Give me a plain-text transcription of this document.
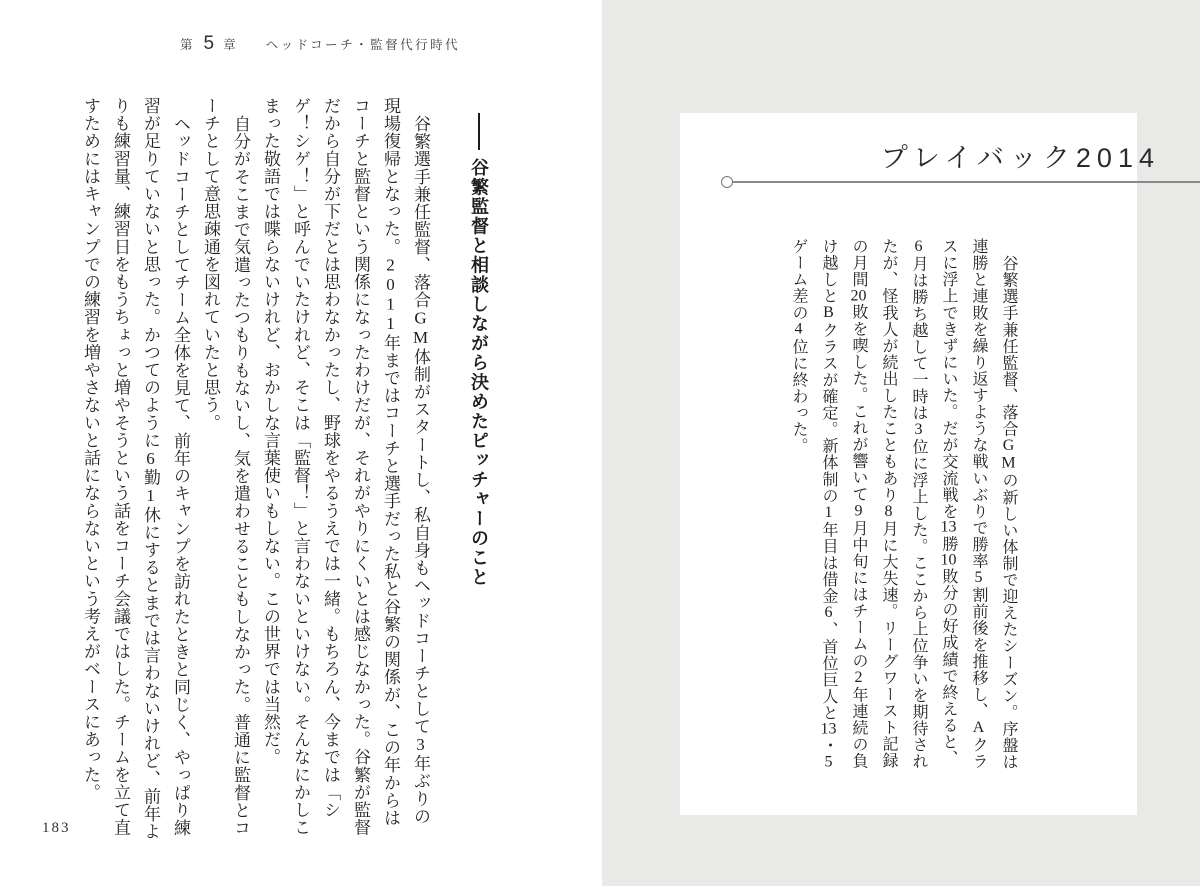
第 5 章 ヘッドコーチ・監督代行時代
谷繁監督と相談しながら決めたピッチャーのこと

谷繁選手兼任監督、落合GM体制がスタートし、私自身もヘッドコーチとして3年ぶりの現場復帰となった。2011年まではコーチと選手だった私と谷繁の関係が、この年からはコーチと監督という関係になったわけだが、それがやりにくいとは感じなかった。谷繁が監督だから自分が下だとは思わなかったし、野球をやるうえでは一緒。もちろん、今までは「シゲ！シゲ！」と呼んでいたけれど、そこは「監督！」と言わないといけない。そんなにかしこまった敬語では喋らないけれど、おかしな言葉使いもしない。この世界では当然だ。

自分がそこまで気遣ったつもりもないし、気を遣わせることもしなかった。普通に監督とコーチとして意思疎通を図れていたと思う。

ヘッドコーチとしてチーム全体を見て、前年のキャンプを訪れたときと同じく、やっぱり練習が足りていないと思った。かつてのように6勤1休にするとまでは言わないけれど、前年よりも練習量、練習日をもうちょっと増やそうという話をコーチ会議ではした。チームを立て直すためにはキャンプでの練習を増やさないと話にならないという考えがベースにあった。

183
プレイバック2014

谷繁選手兼任監督、落合GMの新しい体制で迎えたシーズン。序盤は連勝と連敗を繰り返すような戦いぶりで勝率5割前後を推移し、Aクラスに浮上できずにいた。だが交流戦を13勝10敗分の好成績で終えると、6月は勝ち越して一時は3位に浮上した。ここから上位争いを期待されたが、怪我人が続出したこともあり8月に大失速。リーグワースト記録の月間20敗を喫した。これが響いて9月中旬にはチームの2年連続の負け越しとBクラスが確定。新体制の1年目は借金6、首位巨人と13・5ゲーム差の4位に終わった。
